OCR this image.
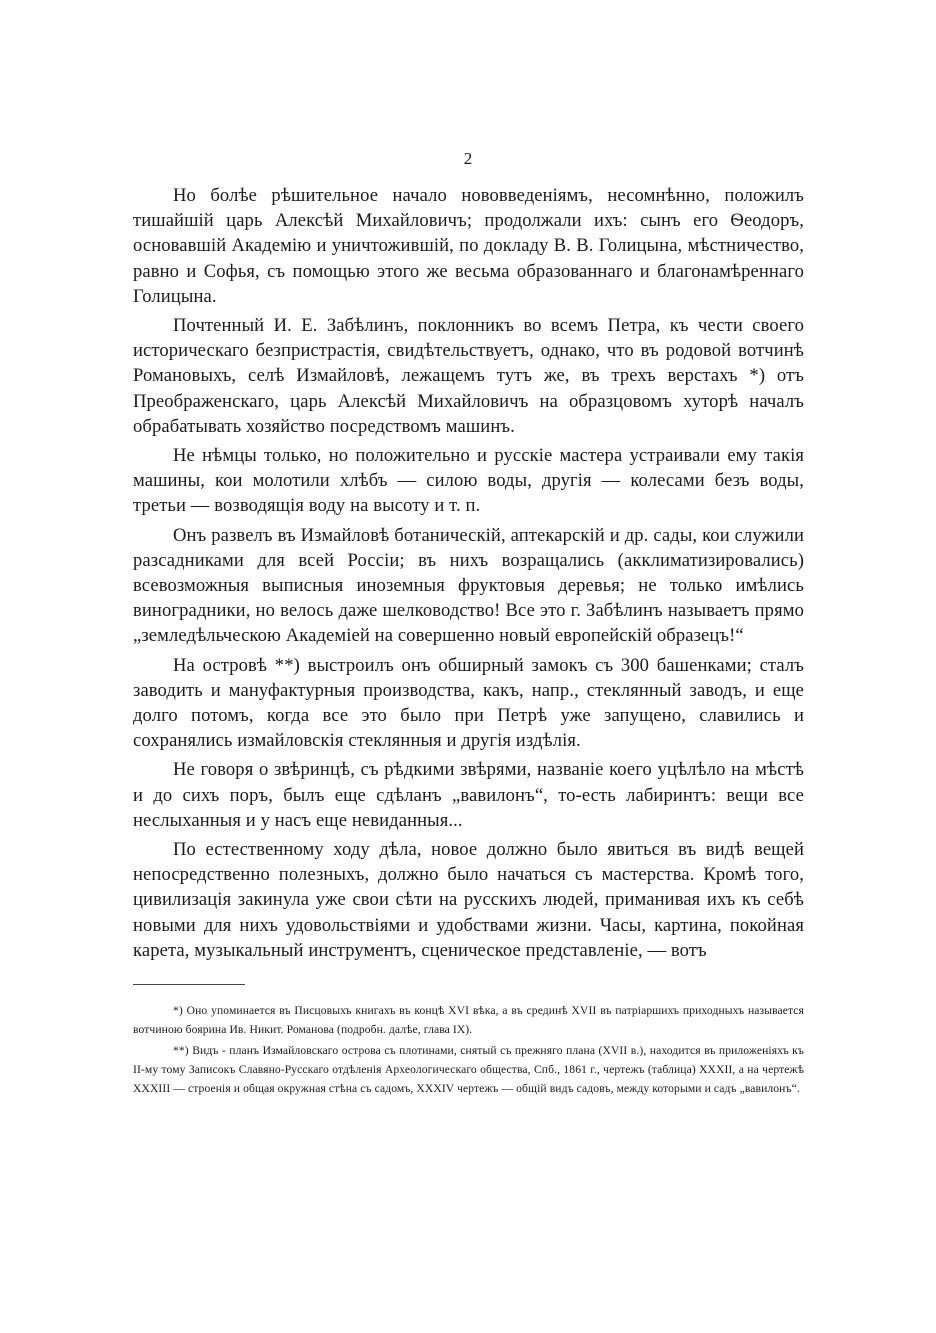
2

Но болѣе рѣшительное начало нововведеніямъ, несомнѣнно, положилъ тишайшій царь Алексѣй Михайловичъ; продолжали ихъ: сынъ его Ѳеодоръ, основавшій Академію и уничтожившій, по докладу В. В. Голицына, мѣстничество, равно и Софья, съ помощью этого же весьма образованнаго и благонамѣреннаго Голицына.

Почтенный И. Е. Забѣлинъ, поклонникъ во всемъ Петра, къ чести своего историческаго безпристрастія, свидѣтельствуетъ, однако, что въ родовой вотчинѣ Романовыхъ, селѣ Измайловѣ, лежащемъ тутъ же, въ трехъ верстахъ *) отъ Преображенскаго, царь Алексѣй Михайловичъ на образцовомъ хуторѣ началъ обрабатывать хозяйство посредствомъ машинъ.

Не нѣмцы только, но положительно и русскіе мастера устраивали ему такія машины, кои молотили хлѣбъ — силою воды, другія — колесами безъ воды, третьи — возводящія воду на высоту и т. п.

Онъ развелъ въ Измайловѣ ботаническій, аптекарскій и др. сады, кои служили разсадниками для всей Россіи; въ нихъ возращались (акклиматизировались) всевозможныя выписныя иноземныя фруктовыя деревья; не только имѣлись виноградники, но велось даже шелководство! Все это г. Забѣлинъ называетъ прямо „земледѣльческою Академіей на совершенно новый европейскій образецъ!“

На островѣ **) выстроилъ онъ обширный замокъ съ 300 башенками; сталъ заводить и мануфактурныя производства, какъ, напр., стеклянный заводъ, и еще долго потомъ, когда все это было при Петрѣ уже запущено, славились и сохранялись измайловскія стеклянныя и другія издѣлія.

Не говоря о звѣринцѣ, съ рѣдкими звѣрями, названіе коего уцѣлѣло на мѣстѣ и до сихъ поръ, былъ еще сдѣланъ „вавилонъ“, то-есть лабиринтъ: вещи все неслыханныя и у насъ еще невиданныя...

По естественному ходу дѣла, новое должно было явиться въ видѣ вещей непосредственно полезныхъ, должно было начаться съ мастерства. Кромѣ того, цивилизація закинула уже свои сѣти на русскихъ людей, приманивая ихъ къ себѣ новыми для нихъ удовольствіями и удобствами жизни. Часы, картина, покойная карета, музыкальный инструментъ, сценическое представленіе, — вотъ

*) Оно упоминается въ Писцовыхъ книгахъ въ концѣ XVI вѣка, а въ срединѣ XVII въ патріаршихъ приходныхъ называется вотчиною боярина Ив. Никит. Романова (подробн. далѣе, глава IX).

**) Видъ - планъ Измайловскаго острова съ плотинами, снятый съ прежняго плана (XVII в.), находится въ приложеніяхъ къ II-му тому Записокъ Славяно-Русскаго отдѣленія Археологическаго общества, Спб., 1861 г., чертежъ (таблица) XXXII, а на чертежѣ XXXIII — строенія и общая окружная стѣна съ садомъ, XXXIV чертежъ — общій видъ садовъ, между которыми и садъ „вавилонъ“.
